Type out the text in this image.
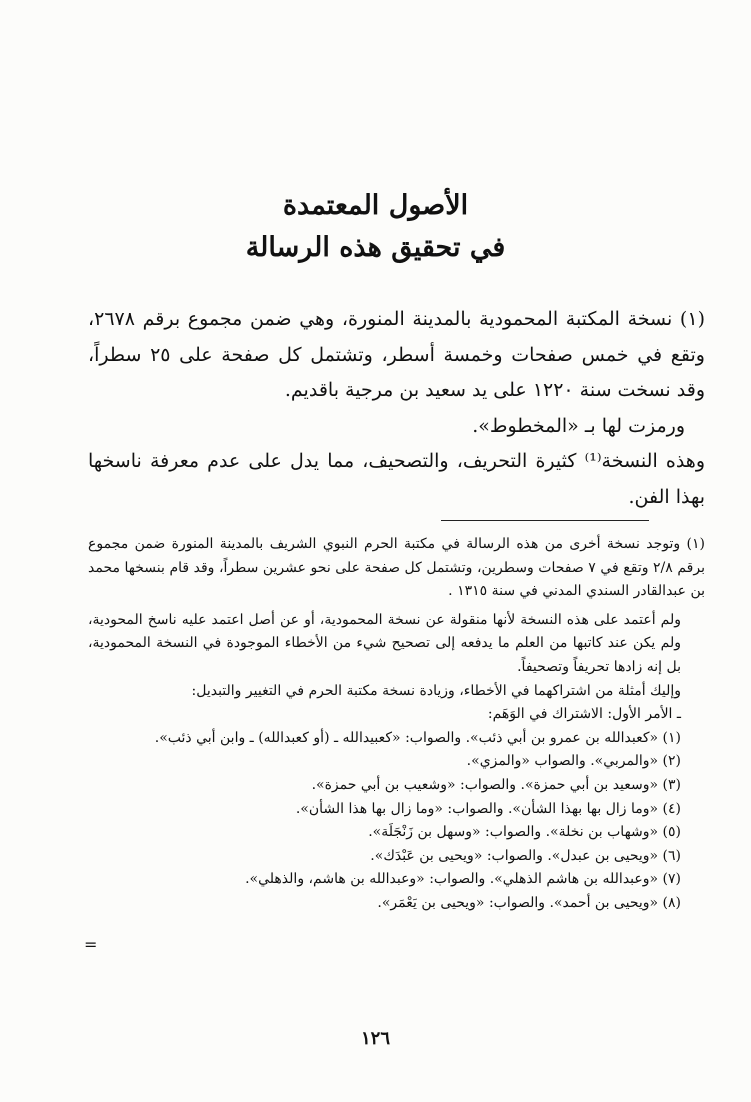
الأصول المعتمدة
في تحقيق هذه الرسالة

(١) نسخة المكتبة المحمودية بالمدينة المنورة، وهي ضمن مجموع برقم ٢٦٧٨، وتقع في خمس صفحات وخمسة أسطر، وتشتمل كل صفحة على ٢٥ سطراً، وقد نسخت سنة ١٢٢٠ على يد سعيد بن مرجية باقديم.

ورمزت لها بـ «المخطوط».

وهذه النسخة⁽¹⁾ كثيرة التحريف، والتصحيف، مما يدل على عدم معرفة ناسخها بهذا الفن.

(١) وتوجد نسخة أخرى من هذه الرسالة في مكتبة الحرم النبوي الشريف بالمدينة المنورة ضمن مجموع برقم ٢/٨ وتقع في ٧ صفحات وسطرين، وتشتمل كل صفحة على نحو عشرين سطراً، وقد قام بنسخها محمد بن عبدالقادر السندي المدني في سنة ١٣١٥ .

ولم أعتمد على هذه النسخة لأنها منقولة عن نسخة المحمودية، أو عن أصل اعتمد عليه ناسخ المحودية، ولم يكن عند كاتبها من العلم ما يدفعه إلى تصحيح شيء من الأخطاء الموجودة في النسخة المحمودية، بل إنه زادها تحريفاً وتصحيفاً.

وإليك أمثلة من اشتراكهما في الأخطاء، وزيادة نسخة مكتبة الحرم في التغيير والتبديل:

ـ الأمر الأول: الاشتراك في الوَهَم:

(١) «كعبدالله بن عمرو بن أبي ذئب». والصواب: «كعبيدالله ـ (أو كعبدالله) ـ وابن أبي ذئب».

(٢) «والمربي». والصواب «والمزي».

(٣) «وسعيد بن أبي حمزة». والصواب: «وشعيب بن أبي حمزة».

(٤) «وما زال بها بهذا الشأن». والصواب: «وما زال بها هذا الشأن».

(٥) «وشهاب بن نخلة». والصواب: «وسهل بن زَنْجَلَة».

(٦) «ويحيى بن عبدل». والصواب: «ويحيى بن عَبْدَك».

(٧) «وعبدالله بن هاشم الذهلي». والصواب: «وعبدالله بن هاشم، والذهلي».

(٨) «ويحيى بن أحمد». والصواب: «ويحيى بن يَعْمَر».

=
١٢٦
